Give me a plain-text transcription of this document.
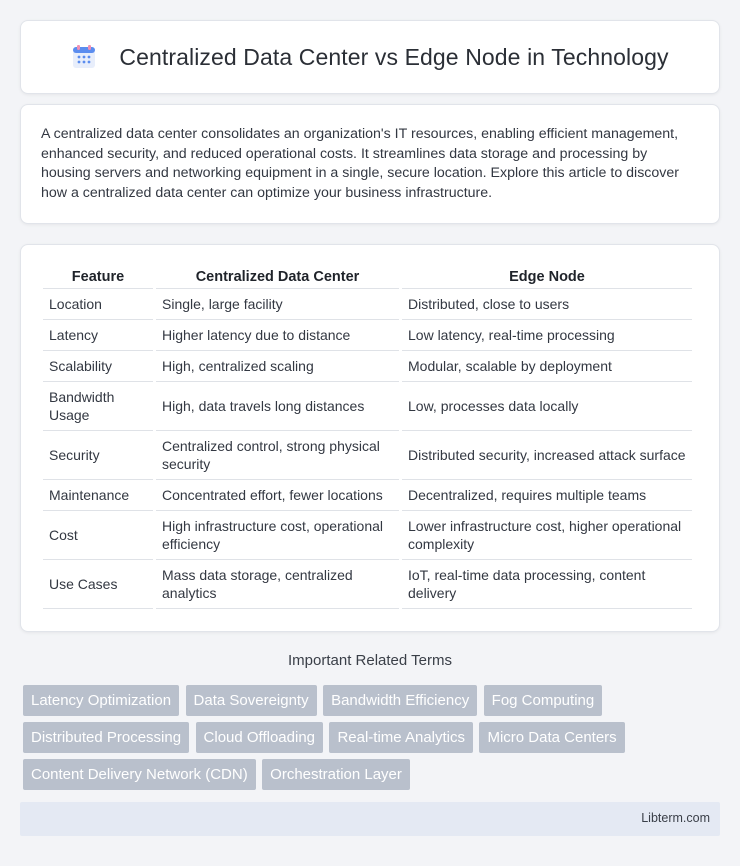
Centralized Data Center vs Edge Node in Technology

A centralized data center consolidates an organization's IT resources, enabling efficient management, enhanced security, and reduced operational costs. It streamlines data storage and processing by housing servers and networking equipment in a single, secure location. Explore this article to discover how a centralized data center can optimize your business infrastructure.

Feature	Centralized Data Center	Edge Node
Location	Single, large facility	Distributed, close to users
Latency	Higher latency due to distance	Low latency, real-time processing
Scalability	High, centralized scaling	Modular, scalable by deployment
Bandwidth Usage	High, data travels long distances	Low, processes data locally
Security	Centralized control, strong physical security	Distributed security, increased attack surface
Maintenance	Concentrated effort, fewer locations	Decentralized, requires multiple teams
Cost	High infrastructure cost, operational efficiency	Lower infrastructure cost, higher operational complexity
Use Cases	Mass data storage, centralized analytics	IoT, real-time data processing, content delivery
Important Related Terms
Latency Optimization Data Sovereignty Bandwidth Efficiency Fog Computing Distributed Processing Cloud Offloading Real-time Analytics Micro Data Centers Content Delivery Network (CDN) Orchestration Layer
Libterm.com
